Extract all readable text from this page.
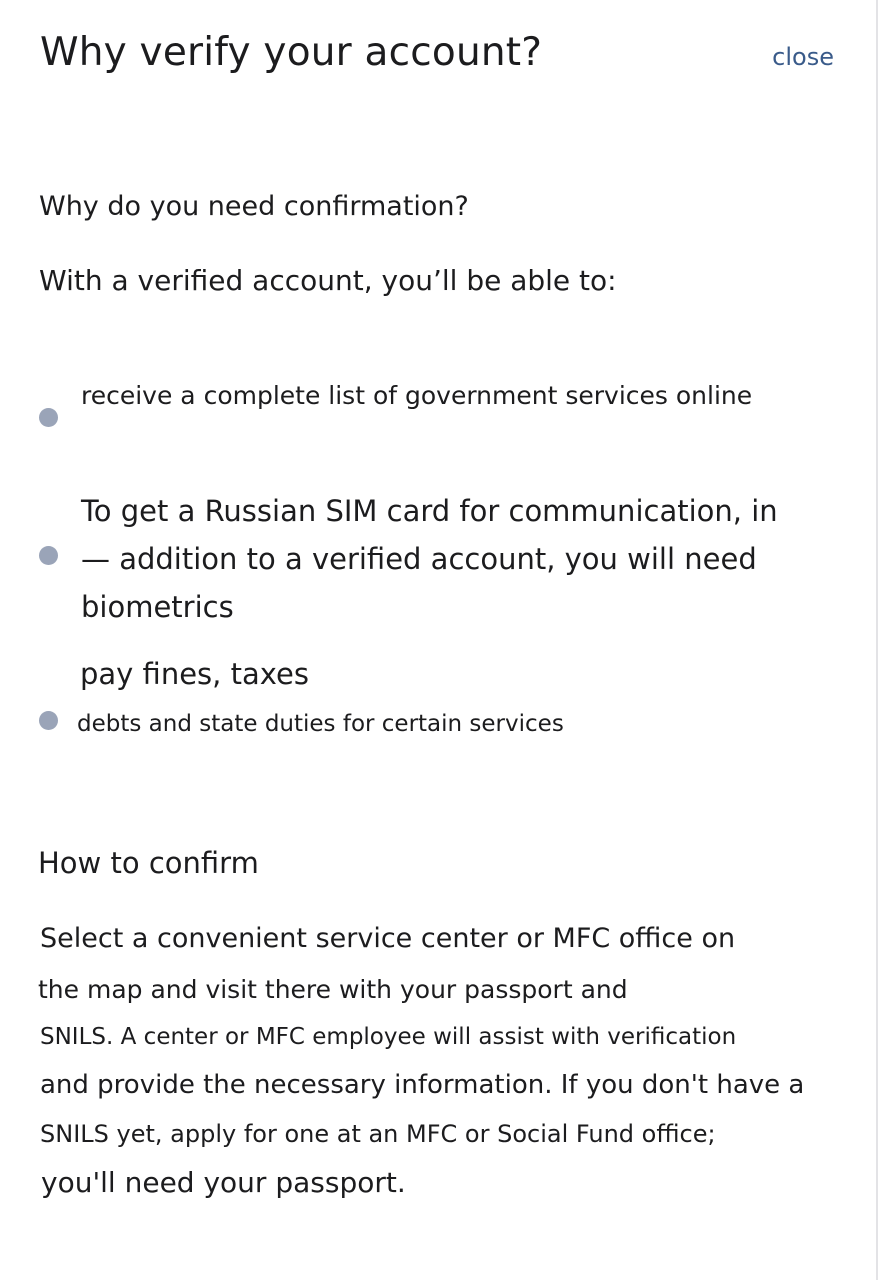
Why verify your account?	close
Why do you need confirmation?

With a verified account, you’ll be able to:

receive a complete list of government services online

To get a Russian SIM card for communication, in

— addition to a verified account, you will need

biometrics

pay fines, taxes

debts and state duties for certain services

How to confirm

Select a convenient service center or MFC office on

the map and visit there with your passport and

SNILS. A center or MFC employee will assist with verification

and provide the necessary information. If you don't have a

SNILS yet, apply for one at an MFC or Social Fund office;

you'll need your passport.
